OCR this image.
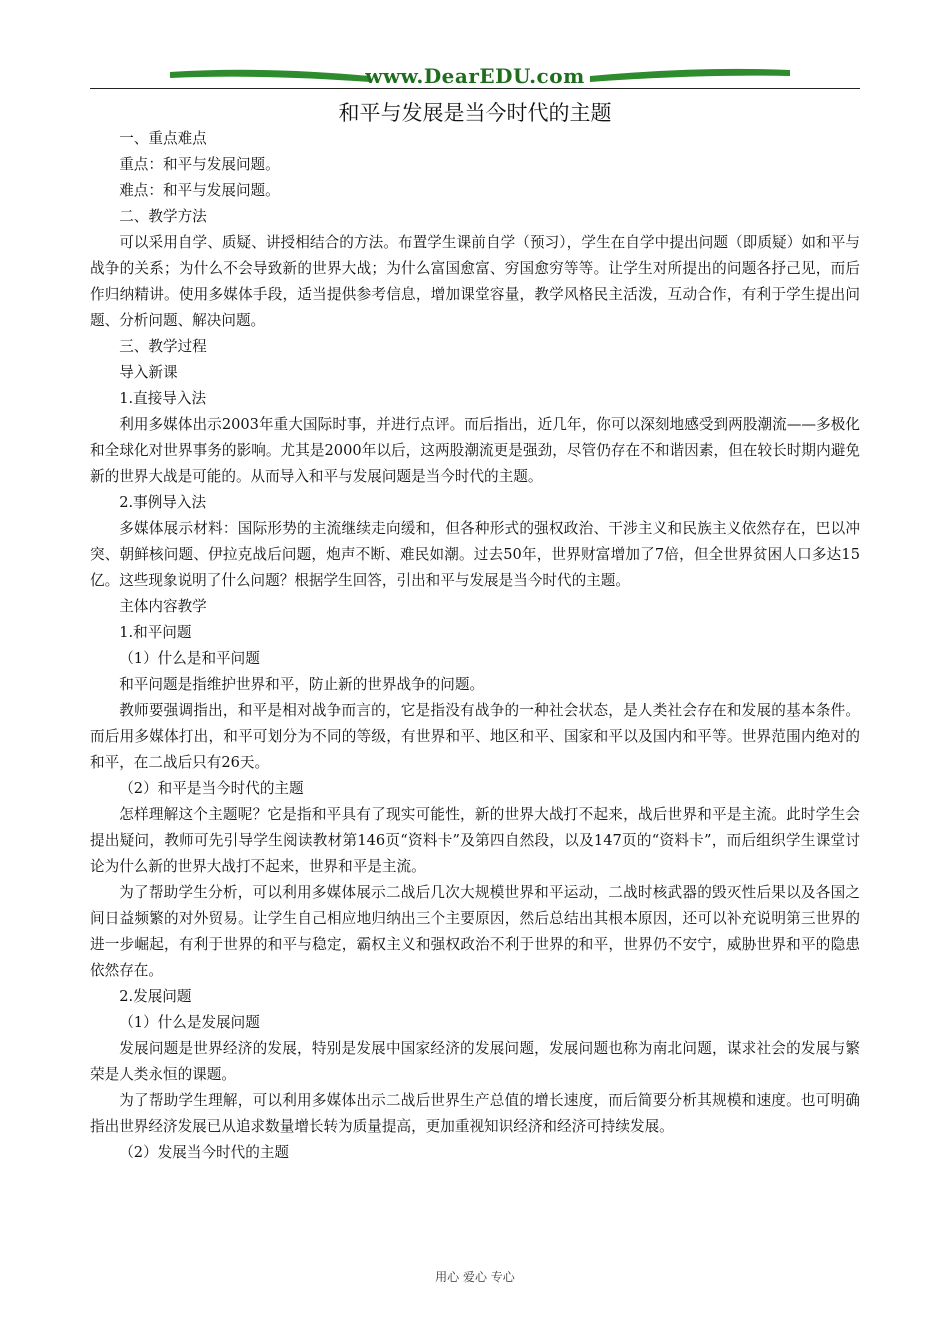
www.DearEDU.com
和平与发展是当今时代的主题

一、重点难点

重点：和平与发展问题。

难点：和平与发展问题。

二、教学方法

可以采用自学、质疑、讲授相结合的方法。布置学生课前自学（预习），学生在自学中提出问题（即质疑）如和平与战争的关系；为什么不会导致新的世界大战；为什么富国愈富、穷国愈穷等等。让学生对所提出的问题各抒己见，而后作归纳精讲。使用多媒体手段，适当提供参考信息，增加课堂容量，教学风格民主活泼，互动合作，有利于学生提出问题、分析问题、解决问题。

三、教学过程

导入新课

1.直接导入法

利用多媒体出示2003年重大国际时事，并进行点评。而后指出，近几年，你可以深刻地感受到两股潮流——多极化和全球化对世界事务的影响。尤其是2000年以后，这两股潮流更是强劲，尽管仍存在不和谐因素，但在较长时期内避免新的世界大战是可能的。从而导入和平与发展问题是当今时代的主题。

2.事例导入法

多媒体展示材料：国际形势的主流继续走向缓和，但各种形式的强权政治、干涉主义和民族主义依然存在，巴以冲突、朝鲜核问题、伊拉克战后问题，炮声不断、难民如潮。过去50年，世界财富增加了7倍，但全世界贫困人口多达15亿。这些现象说明了什么问题？根据学生回答，引出和平与发展是当今时代的主题。

主体内容教学

1.和平问题

（1）什么是和平问题

和平问题是指维护世界和平，防止新的世界战争的问题。

教师要强调指出，和平是相对战争而言的，它是指没有战争的一种社会状态，是人类社会存在和发展的基本条件。而后用多媒体打出，和平可划分为不同的等级，有世界和平、地区和平、国家和平以及国内和平等。世界范围内绝对的和平，在二战后只有26天。

（2）和平是当今时代的主题

怎样理解这个主题呢？它是指和平具有了现实可能性，新的世界大战打不起来，战后世界和平是主流。此时学生会提出疑问，教师可先引导学生阅读教材第146页“资料卡”及第四自然段，以及147页的“资料卡”，而后组织学生课堂讨论为什么新的世界大战打不起来，世界和平是主流。

为了帮助学生分析，可以利用多媒体展示二战后几次大规模世界和平运动，二战时核武器的毁灭性后果以及各国之间日益频繁的对外贸易。让学生自己相应地归纳出三个主要原因，然后总结出其根本原因，还可以补充说明第三世界的进一步崛起，有利于世界的和平与稳定，霸权主义和强权政治不利于世界的和平，世界仍不安宁，威胁世界和平的隐患依然存在。

2.发展问题

（1）什么是发展问题

发展问题是世界经济的发展，特别是发展中国家经济的发展问题，发展问题也称为南北问题，谋求社会的发展与繁荣是人类永恒的课题。

为了帮助学生理解，可以利用多媒体出示二战后世界生产总值的增长速度，而后简要分析其规模和速度。也可明确指出世界经济发展已从追求数量增长转为质量提高，更加重视知识经济和经济可持续发展。

（2）发展当今时代的主题

用心 爱心 专心
